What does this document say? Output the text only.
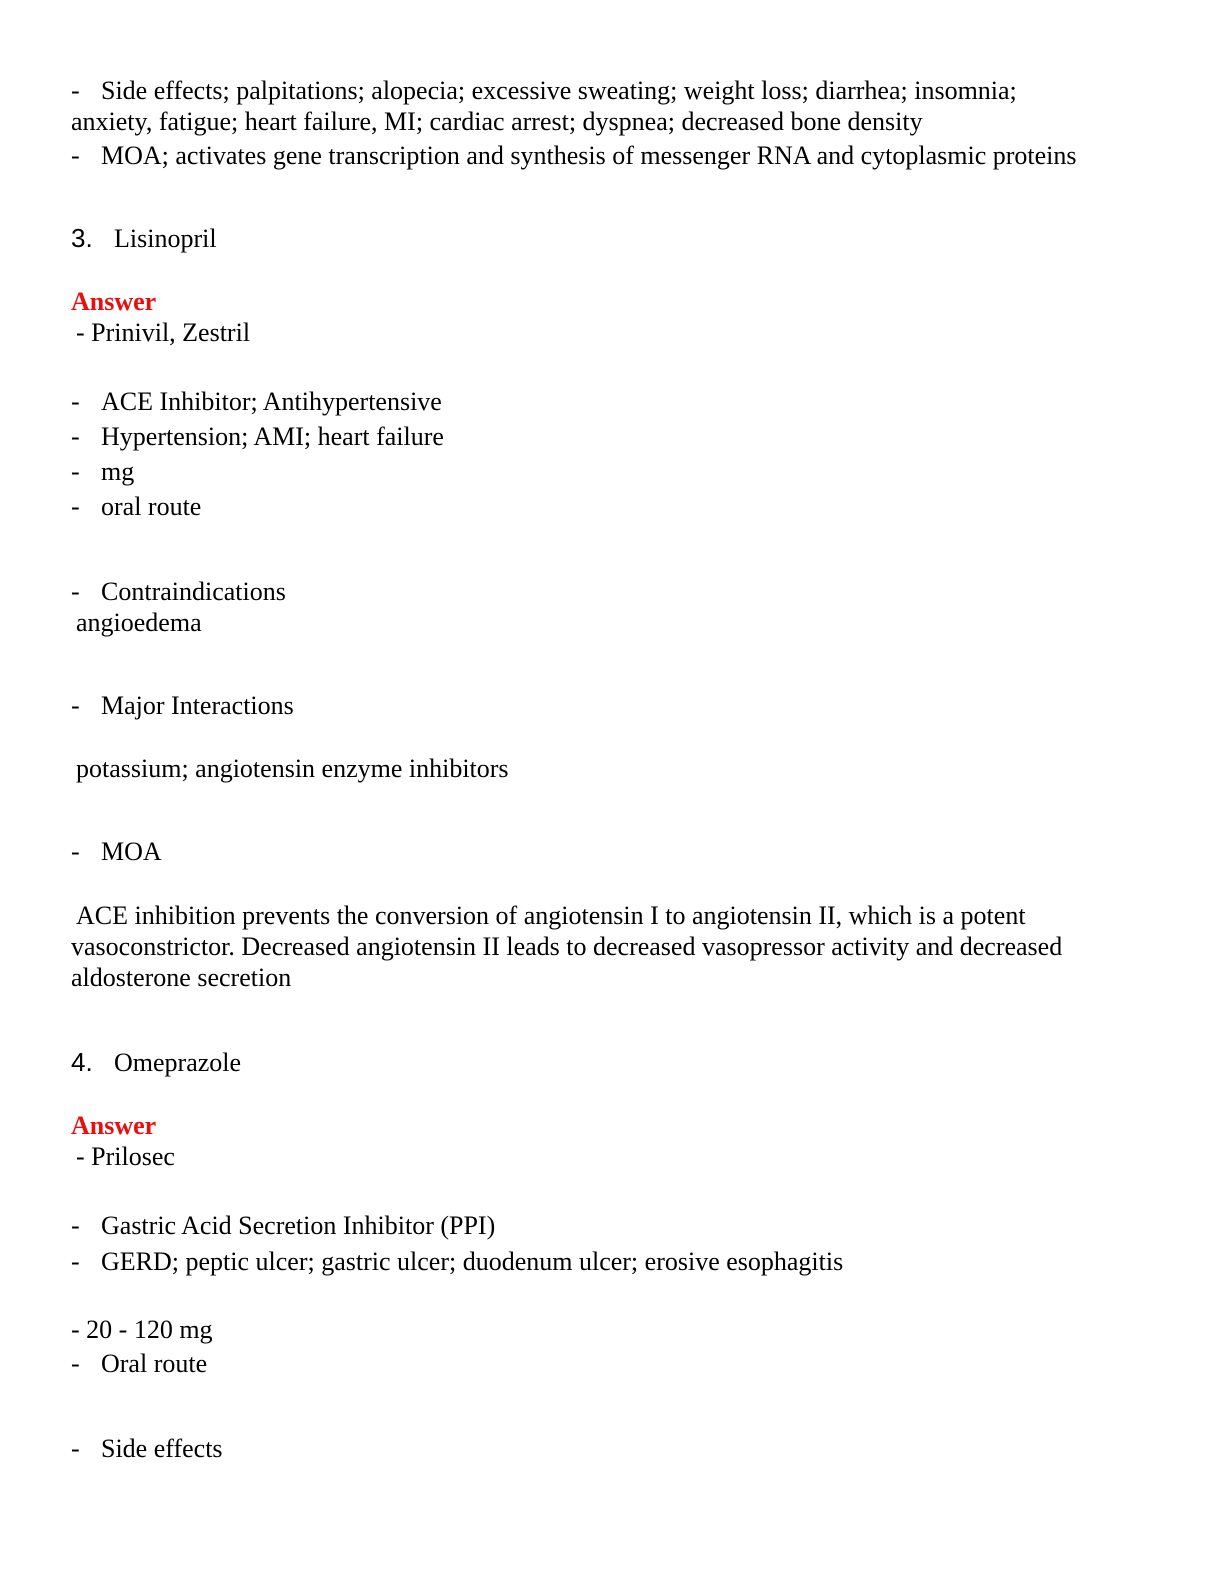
- Side effects; palpitations; alopecia; excessive sweating; weight loss; diarrhea; insomnia;
anxiety, fatigue; heart failure, MI; cardiac arrest; dyspnea; decreased bone density
- MOA; activates gene transcription and synthesis of messenger RNA and cytoplasmic proteins
3. Lisinopril
Answer
- Prinivil, Zestril
- ACE Inhibitor; Antihypertensive
- Hypertension; AMI; heart failure
- mg
- oral route
- Contraindications
angioedema
- Major Interactions
potassium; angiotensin enzyme inhibitors
- MOA
ACE inhibition prevents the conversion of angiotensin I to angiotensin II, which is a potent
vasoconstrictor. Decreased angiotensin II leads to decreased vasopressor activity and decreased
aldosterone secretion
4. Omeprazole
Answer
- Prilosec
- Gastric Acid Secretion Inhibitor (PPI)
- GERD; peptic ulcer; gastric ulcer; duodenum ulcer; erosive esophagitis
- 20 - 120 mg
- Oral route
- Side effects
